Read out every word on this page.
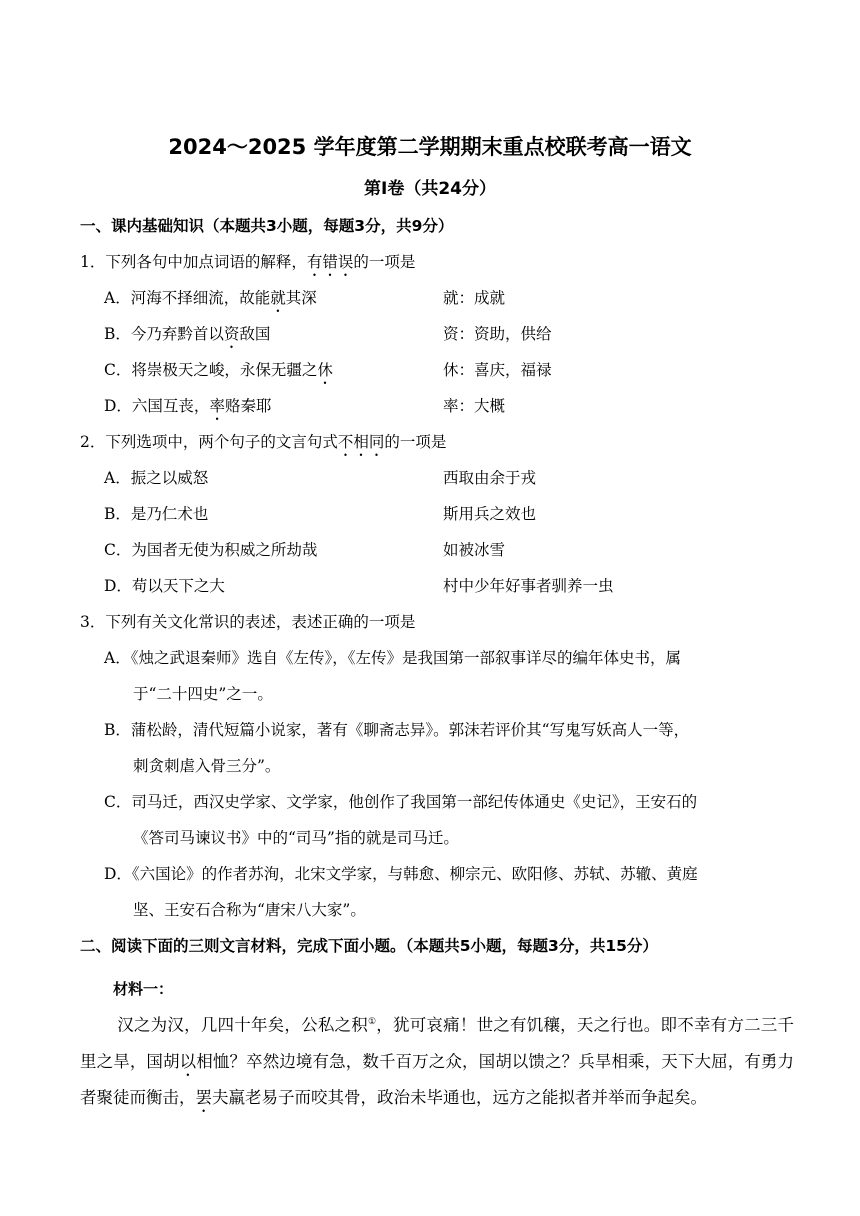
2024～2025 学年度第二学期期末重点校联考高一语文
第Ⅰ卷（共24分）
一、课内基础知识（本题共3小题，每题3分，共9分）
1．下列各句中加点词语的解释，有错误的一项是
A．河海不择细流，故能就其深	就：成就
B．今乃弃黔首以资敌国	资：资助，供给
C．将崇极天之峻，永保无疆之休	休：喜庆，福禄
D．六国互丧，率赂秦耶	率：大概
2．下列选项中，两个句子的文言句式不相同的一项是
A．振之以威怒	西取由余于戎
B．是乃仁术也	斯用兵之效也
C．为国者无使为积威之所劫哉	如被冰雪
D．苟以天下之大	村中少年好事者驯养一虫
3．下列有关文化常识的表述，表述正确的一项是
A．《烛之武退秦师》选自《左传》，《左传》是我国第一部叙事详尽的编年体史书，属
于“二十四史”之一。
B．蒲松龄，清代短篇小说家，著有《聊斋志异》。郭沫若评价其“写鬼写妖高人一等，
刺贪刺虐入骨三分”。
C．司马迁，西汉史学家、文学家，他创作了我国第一部纪传体通史《史记》，王安石的
《答司马谏议书》中的“司马”指的就是司马迁。
D．《六国论》的作者苏洵，北宋文学家，与韩愈、柳宗元、欧阳修、苏轼、苏辙、黄庭
坚、王安石合称为“唐宋八大家”。
二、阅读下面的三则文言材料，完成下面小题。（本题共5小题，每题3分，共15分）
材料一：
汉之为汉，几四十年矣，公私之积①，犹可哀痛！世之有饥穰，天之行也。即不幸有方二三千里之旱，国胡以相恤？卒然边境有急，数千百万之众，国胡以馈之？兵旱相乘，天下大屈，有勇力者聚徒而衡击，罢夫羸老易子而咬其骨，政治未毕通也，远方之能拟者并举而争起矣。
